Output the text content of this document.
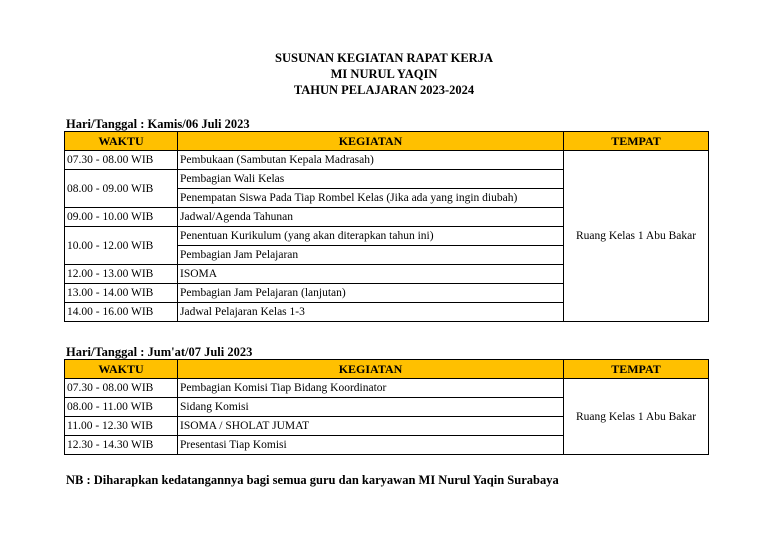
SUSUNAN KEGIATAN RAPAT KERJA
MI NURUL YAQIN
TAHUN PELAJARAN 2023-2024
Hari/Tanggal : Kamis/06 Juli 2023
WAKTU	KEGIATAN	TEMPAT
07.30 - 08.00 WIB	Pembukaan (Sambutan Kepala Madrasah)	Ruang Kelas 1 Abu Bakar
08.00 - 09.00 WIB	Pembagian Wali Kelas	
	Penempatan Siswa Pada Tiap Rombel Kelas (Jika ada yang ingin diubah)	
09.00 - 10.00 WIB	Jadwal/Agenda Tahunan	
10.00 - 12.00 WIB	Penentuan Kurikulum (yang akan diterapkan tahun ini)	
	Pembagian Jam Pelajaran	
12.00 - 13.00 WIB	ISOMA	
13.00 - 14.00 WIB	Pembagian Jam Pelajaran (lanjutan)	
14.00 - 16.00 WIB	Jadwal Pelajaran Kelas 1-3	
Hari/Tanggal : Jum'at/07 Juli 2023
WAKTU	KEGIATAN	TEMPAT
07.30 - 08.00 WIB	Pembagian Komisi Tiap Bidang Koordinator	Ruang Kelas 1 Abu Bakar
08.00 - 11.00 WIB	Sidang Komisi	
11.00 - 12.30 WIB	ISOMA / SHOLAT JUMAT	
12.30 - 14.30 WIB	Presentasi Tiap Komisi	
NB : Diharapkan kedatangannya bagi semua guru dan karyawan MI Nurul Yaqin Surabaya
